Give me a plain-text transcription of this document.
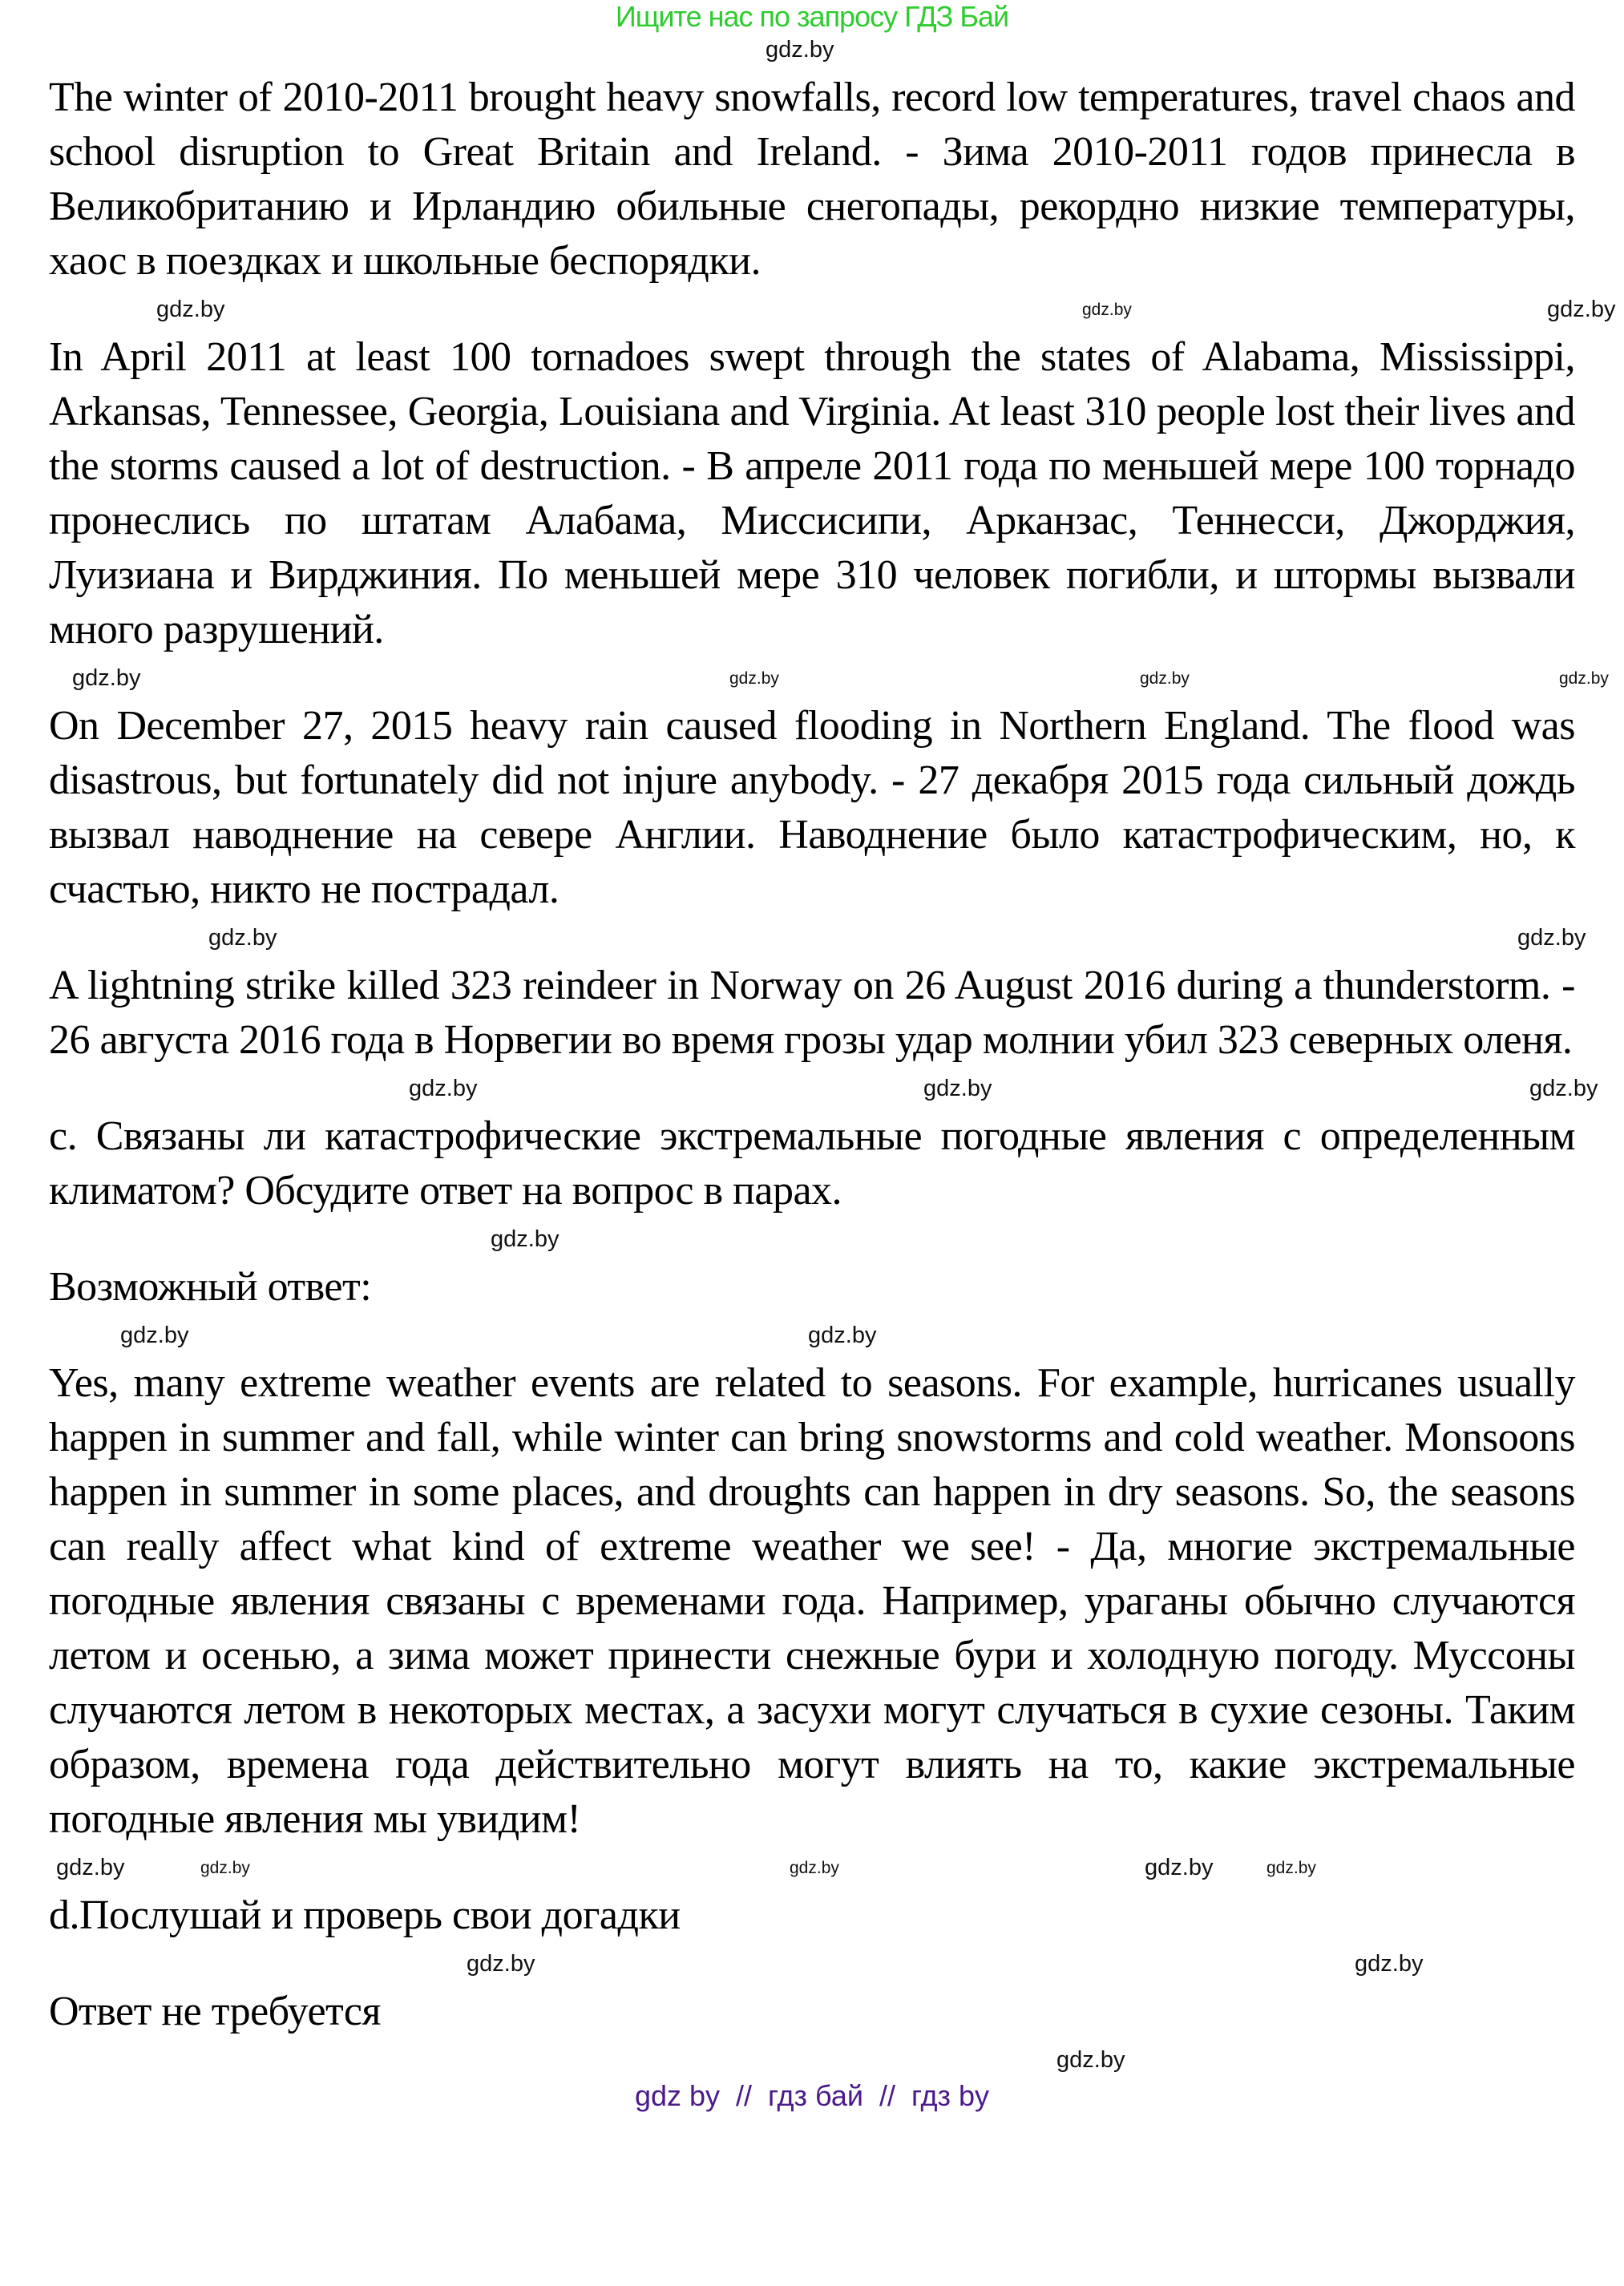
Ищите нас по запросу ГДЗ Бай
gdz.by
The winter of 2010-2011 brought heavy snowfalls, record low temperatures, travel chaos and school disruption to Great Britain and Ireland. - Зима 2010-2011 годов принесла в Великобританию и Ирландию обильные снегопады, рекордно низкие температуры, хаос в поездках и школьные беспорядки.
gdz.by	gdz.by	gdz.by
In April 2011 at least 100 tornadoes swept through the states of Alabama, Mississippi, Arkansas, Tennessee, Georgia, Louisiana and Virginia. At least 310 people lost their lives and the storms caused a lot of destruction. - В апреле 2011 года по меньшей мере 100 торнадо пронеслись по штатам Алабама, Миссисипи, Арканзас, Теннесси, Джорджия, Луизиана и Вирджиния. По меньшей мере 310 человек погибли, и штормы вызвали много разрушений.
gdz.by	gdz.by	gdz.by	gdz.by
On December 27, 2015 heavy rain caused flooding in Northern England. The flood was disastrous, but fortunately did not injure anybody. - 27 декабря 2015 года сильный дождь вызвал наводнение на севере Англии. Наводнение было катастрофическим, но, к счастью, никто не пострадал.
gdz.by	gdz.by
A lightning strike killed 323 reindeer in Norway on 26 August 2016 during a thunderstorm. - 26 августа 2016 года в Норвегии во время грозы удар молнии убил 323 северных оленя.
gdz.by	gdz.by	gdz.by
c. Связаны ли катастрофические экстремальные погодные явления с определенным климатом? Обсудите ответ на вопрос в парах.
gdz.by
Возможный ответ:
gdz.by	gdz.by
Yes, many extreme weather events are related to seasons. For example, hurricanes usually happen in summer and fall, while winter can bring snowstorms and cold weather. Monsoons happen in summer in some places, and droughts can happen in dry seasons. So, the seasons can really affect what kind of extreme weather we see! - Да, многие экстремальные погодные явления связаны с временами года. Например, ураганы обычно случаются летом и осенью, а зима может принести снежные бури и холодную погоду. Муссоны случаются летом в некоторых местах, а засухи могут случаться в сухие сезоны. Таким образом, времена года действительно могут влиять на то, какие экстремальные погодные явления мы увидим!
gdz.by	gdz.by	gdz.by	gdz.by	gdz.by
d.Послушай и проверь свои догадки
gdz.by	gdz.by
Ответ не требуется
gdz.by
gdz by  //  гдз бай  //  гдз by
